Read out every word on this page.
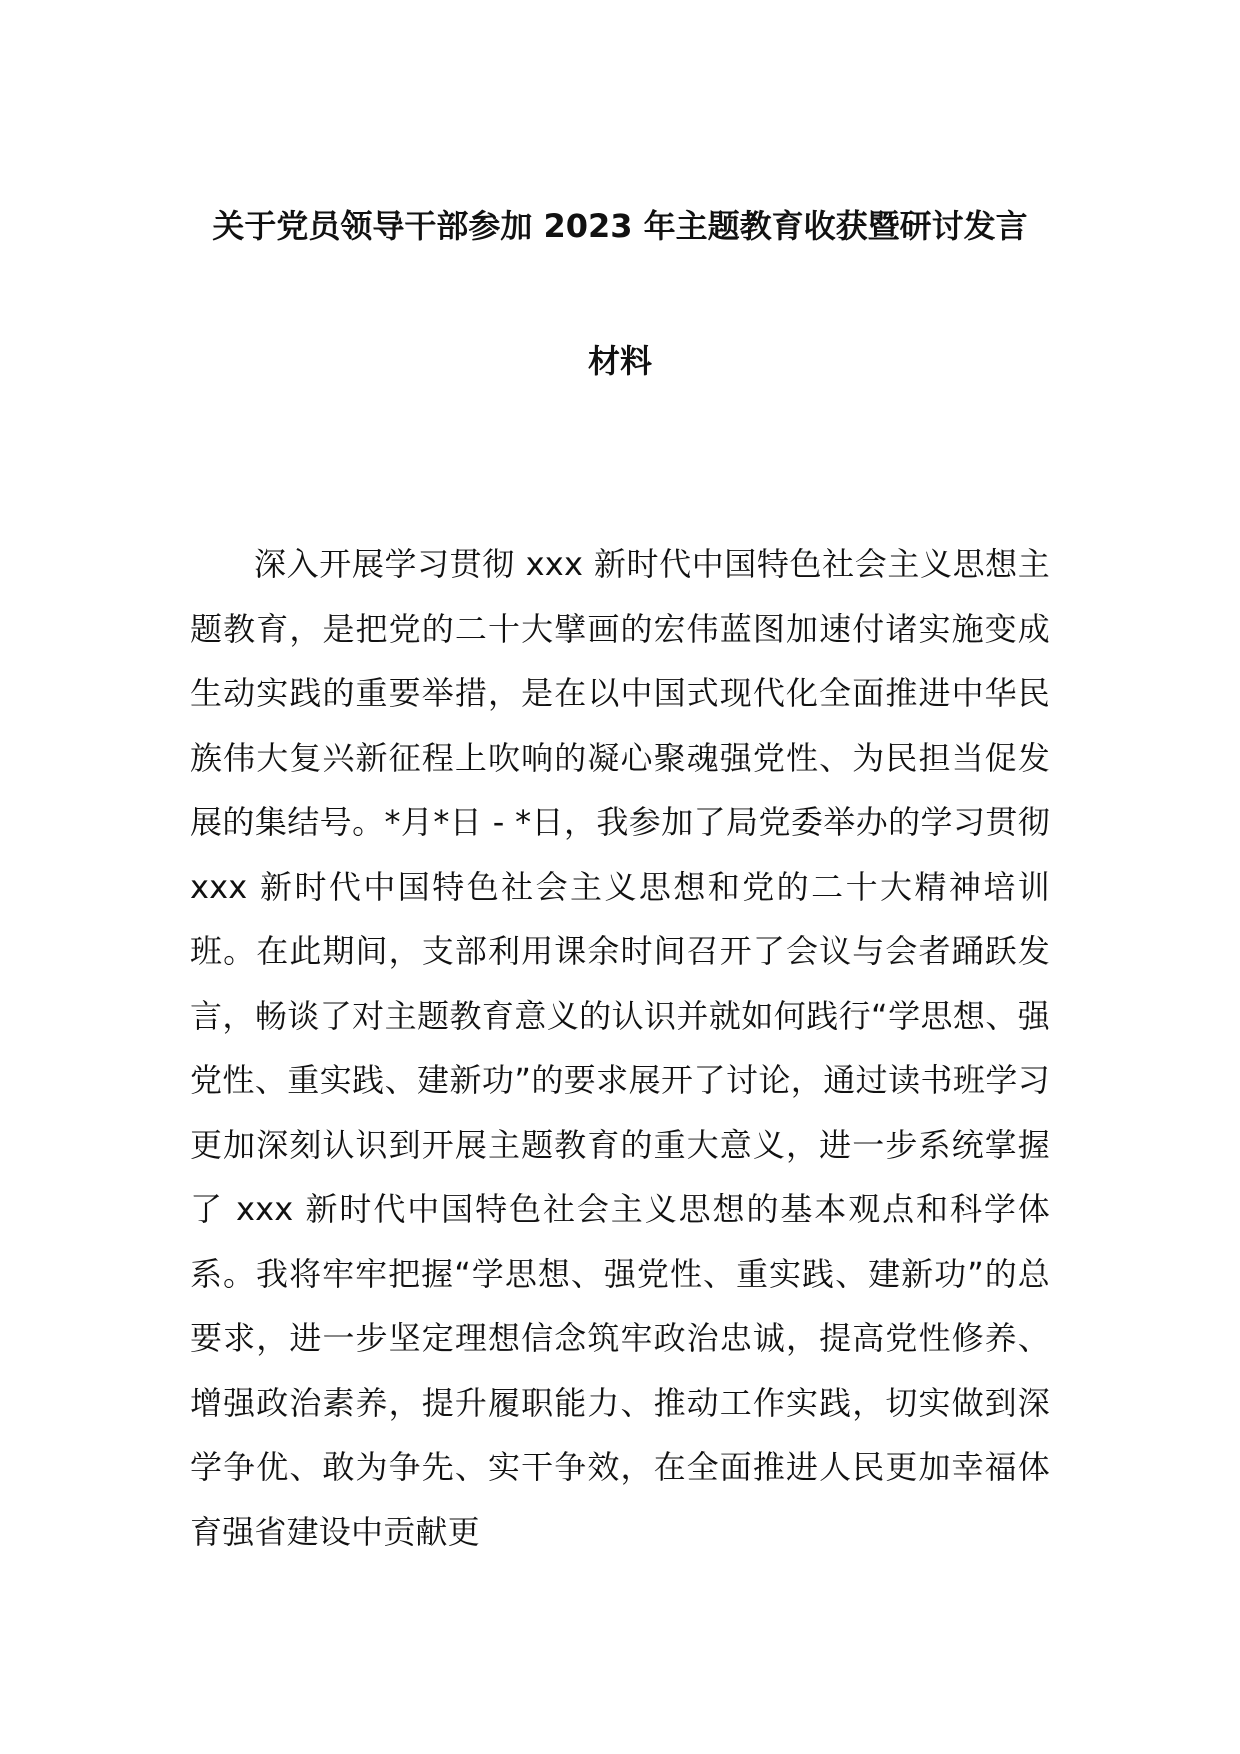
关于党员领导干部参加 2023 年主题教育收获暨研讨发言
材料

深入开展学习贯彻 xxx 新时代中国特色社会主义思想主题教育，是把党的二十大擘画的宏伟蓝图加速付诸实施变成生动实践的重要举措，是在以中国式现代化全面推进中华民族伟大复兴新征程上吹响的凝心聚魂强党性、为民担当促发展的集结号。*月*日 - *日，我参加了局党委举办的学习贯彻 xxx 新时代中国特色社会主义思想和党的二十大精神培训班。在此期间，支部利用课余时间召开了会议与会者踊跃发言，畅谈了对主题教育意义的认识并就如何践行“学思想、强党性、重实践、建新功”的要求展开了讨论，通过读书班学习更加深刻认识到开展主题教育的重大意义，进一步系统掌握了 xxx 新时代中国特色社会主义思想的基本观点和科学体系。我将牢牢把握“学思想、强党性、重实践、建新功”的总要求，进一步坚定理想信念筑牢政治忠诚，提高党性修养、增强政治素养，提升履职能力、推动工作实践，切实做到深学争优、敢为争先、实干争效，在全面推进人民更加幸福体育强省建设中贡献更
